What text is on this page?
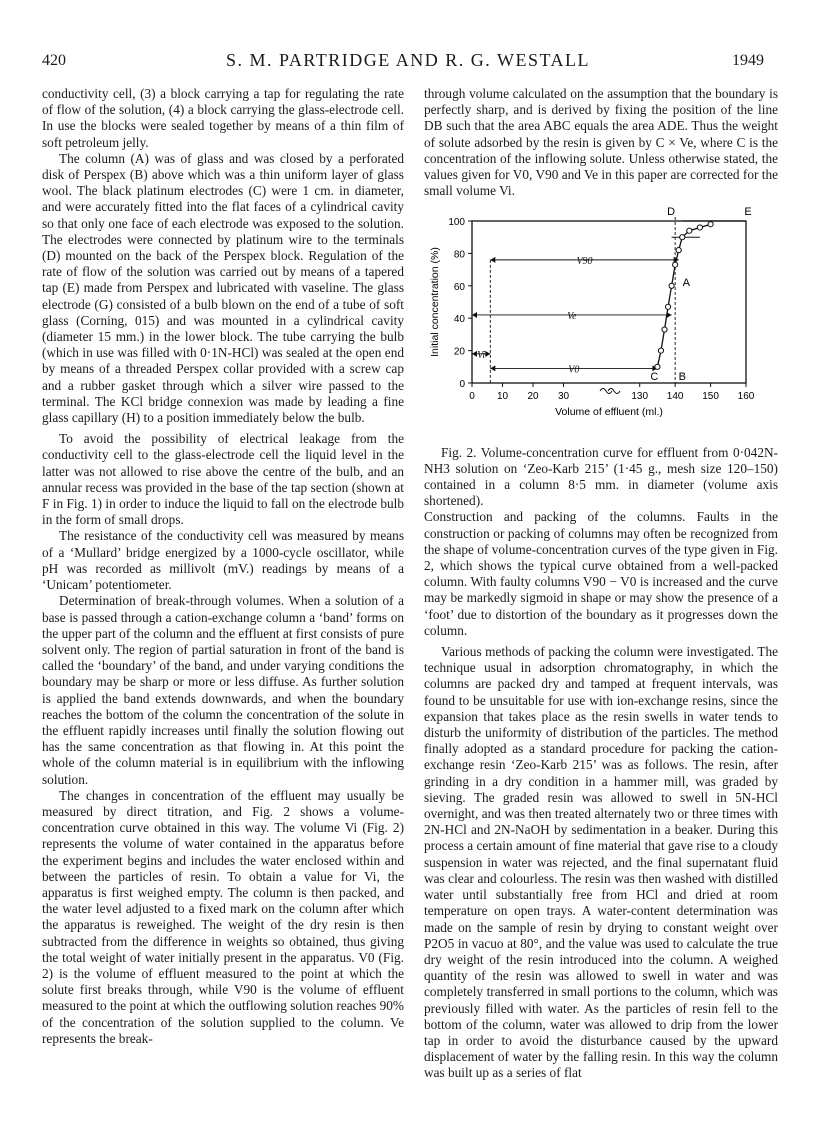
420	S. M. PARTRIDGE AND R. G. WESTALL	1949

conductivity cell, (3) a block carrying a tap for regulating the rate of flow of the solution, (4) a block carrying the glass-electrode cell. In use the blocks were sealed together by means of a thin film of soft petroleum jelly.

The column (A) was of glass and was closed by a perforated disk of Perspex (B) above which was a thin uniform layer of glass wool. The black platinum electrodes (C) were 1 cm. in diameter, and were accurately fitted into the flat faces of a cylindrical cavity so that only one face of each electrode was exposed to the solution. The electrodes were connected by platinum wire to the terminals (D) mounted on the back of the Perspex block. Regulation of the rate of flow of the solution was carried out by means of a tapered tap (E) made from Perspex and lubricated with vaseline. The glass electrode (G) consisted of a bulb blown on the end of a tube of soft glass (Corning, 015) and was mounted in a cylindrical cavity (diameter 15 mm.) in the lower block. The tube carrying the bulb (which in use was filled with 0·1N-HCl) was sealed at the open end by means of a threaded Perspex collar provided with a screw cap and a rubber gasket through which a silver wire passed to the terminal. The KCl bridge connexion was made by leading a fine glass capillary (H) to a position immediately below the bulb.

To avoid the possibility of electrical leakage from the conductivity cell to the glass-electrode cell the liquid level in the latter was not allowed to rise above the centre of the bulb, and an annular recess was provided in the base of the tap section (shown at F in Fig. 1) in order to induce the liquid to fall on the electrode bulb in the form of small drops.

The resistance of the conductivity cell was measured by means of a ‘Mullard’ bridge energized by a 1000-cycle oscillator, while pH was recorded as millivolt (mV.) readings by means of a ‘Unicam’ potentiometer.

Determination of break-through volumes. When a solution of a base is passed through a cation-exchange column a ‘band’ forms on the upper part of the column and the effluent at first consists of pure solvent only. The region of partial saturation in front of the band is called the ‘boundary’ of the band, and under varying conditions the boundary may be sharp or more or less diffuse. As further solution is applied the band extends downwards, and when the boundary reaches the bottom of the column the concentration of the solute in the effluent rapidly increases until finally the solution flowing out has the same concentration as that flowing in. At this point the whole of the column material is in equilibrium with the inflowing solution.

The changes in concentration of the effluent may usually be measured by direct titration, and Fig. 2 shows a volume-concentration curve obtained in this way. The volume Vi (Fig. 2) represents the volume of water contained in the apparatus before the experiment begins and includes the water enclosed within and between the particles of resin. To obtain a value for Vi, the apparatus is first weighed empty. The column is then packed, and the water level adjusted to a fixed mark on the column after which the apparatus is reweighed. The weight of the dry resin is then subtracted from the difference in weights so obtained, thus giving the total weight of water initially present in the apparatus. V0 (Fig. 2) is the volume of effluent measured to the point at which the solute first breaks through, while V90 is the volume of effluent measured to the point at which the outflowing solution reaches 90% of the concentration of the solution supplied to the column. Ve represents the break-

through volume calculated on the assumption that the boundary is perfectly sharp, and is derived by fixing the position of the line DB such that the area ABC equals the area ADE. Thus the weight of solute adsorbed by the resin is given by C × Ve, where C is the concentration of the inflowing solute. Unless otherwise stated, the values given for V0, V90 and Ve in this paper are corrected for the small volume Vi.

0
20
40
60
80
100
0 10 20 30	130 140 150 160
Volume of effluent (ml.)
Initial concentration (%)	V90
Ve
V0
Vi
D	E
A
B
C

Fig. 2. Volume-concentration curve for effluent from 0·042N-NH3 solution on ‘Zeo-Karb 215’ (1·45 g., mesh size 120–150) contained in a column 8·5 mm. in diameter (volume axis shortened).

Construction and packing of the columns. Faults in the construction or packing of columns may often be recognized from the shape of volume-concentration curves of the type given in Fig. 2, which shows the typical curve obtained from a well-packed column. With faulty columns V90 − V0 is increased and the curve may be markedly sigmoid in shape or may show the presence of a ‘foot’ due to distortion of the boundary as it progresses down the column.

Various methods of packing the column were investigated. The technique usual in adsorption chromatography, in which the columns are packed dry and tamped at frequent intervals, was found to be unsuitable for use with ion-exchange resins, since the expansion that takes place as the resin swells in water tends to disturb the uniformity of distribution of the particles. The method finally adopted as a standard procedure for packing the cation-exchange resin ‘Zeo-Karb 215’ was as follows. The resin, after grinding in a dry condition in a hammer mill, was graded by sieving. The graded resin was allowed to swell in 5N-HCl overnight, and was then treated alternately two or three times with 2N-HCl and 2N-NaOH by sedimentation in a beaker. During this process a certain amount of fine material that gave rise to a cloudy suspension in water was rejected, and the final supernatant fluid was clear and colourless. The resin was then washed with distilled water until substantially free from HCl and dried at room temperature on open trays. A water-content determination was made on the sample of resin by drying to constant weight over P2O5 in vacuo at 80°, and the value was used to calculate the true dry weight of the resin introduced into the column. A weighed quantity of the resin was allowed to swell in water and was completely transferred in small portions to the column, which was previously filled with water. As the particles of resin fell to the bottom of the column, water was allowed to drip from the lower tap in order to avoid the disturbance caused by the upward displacement of water by the falling resin. In this way the column was built up as a series of flat
